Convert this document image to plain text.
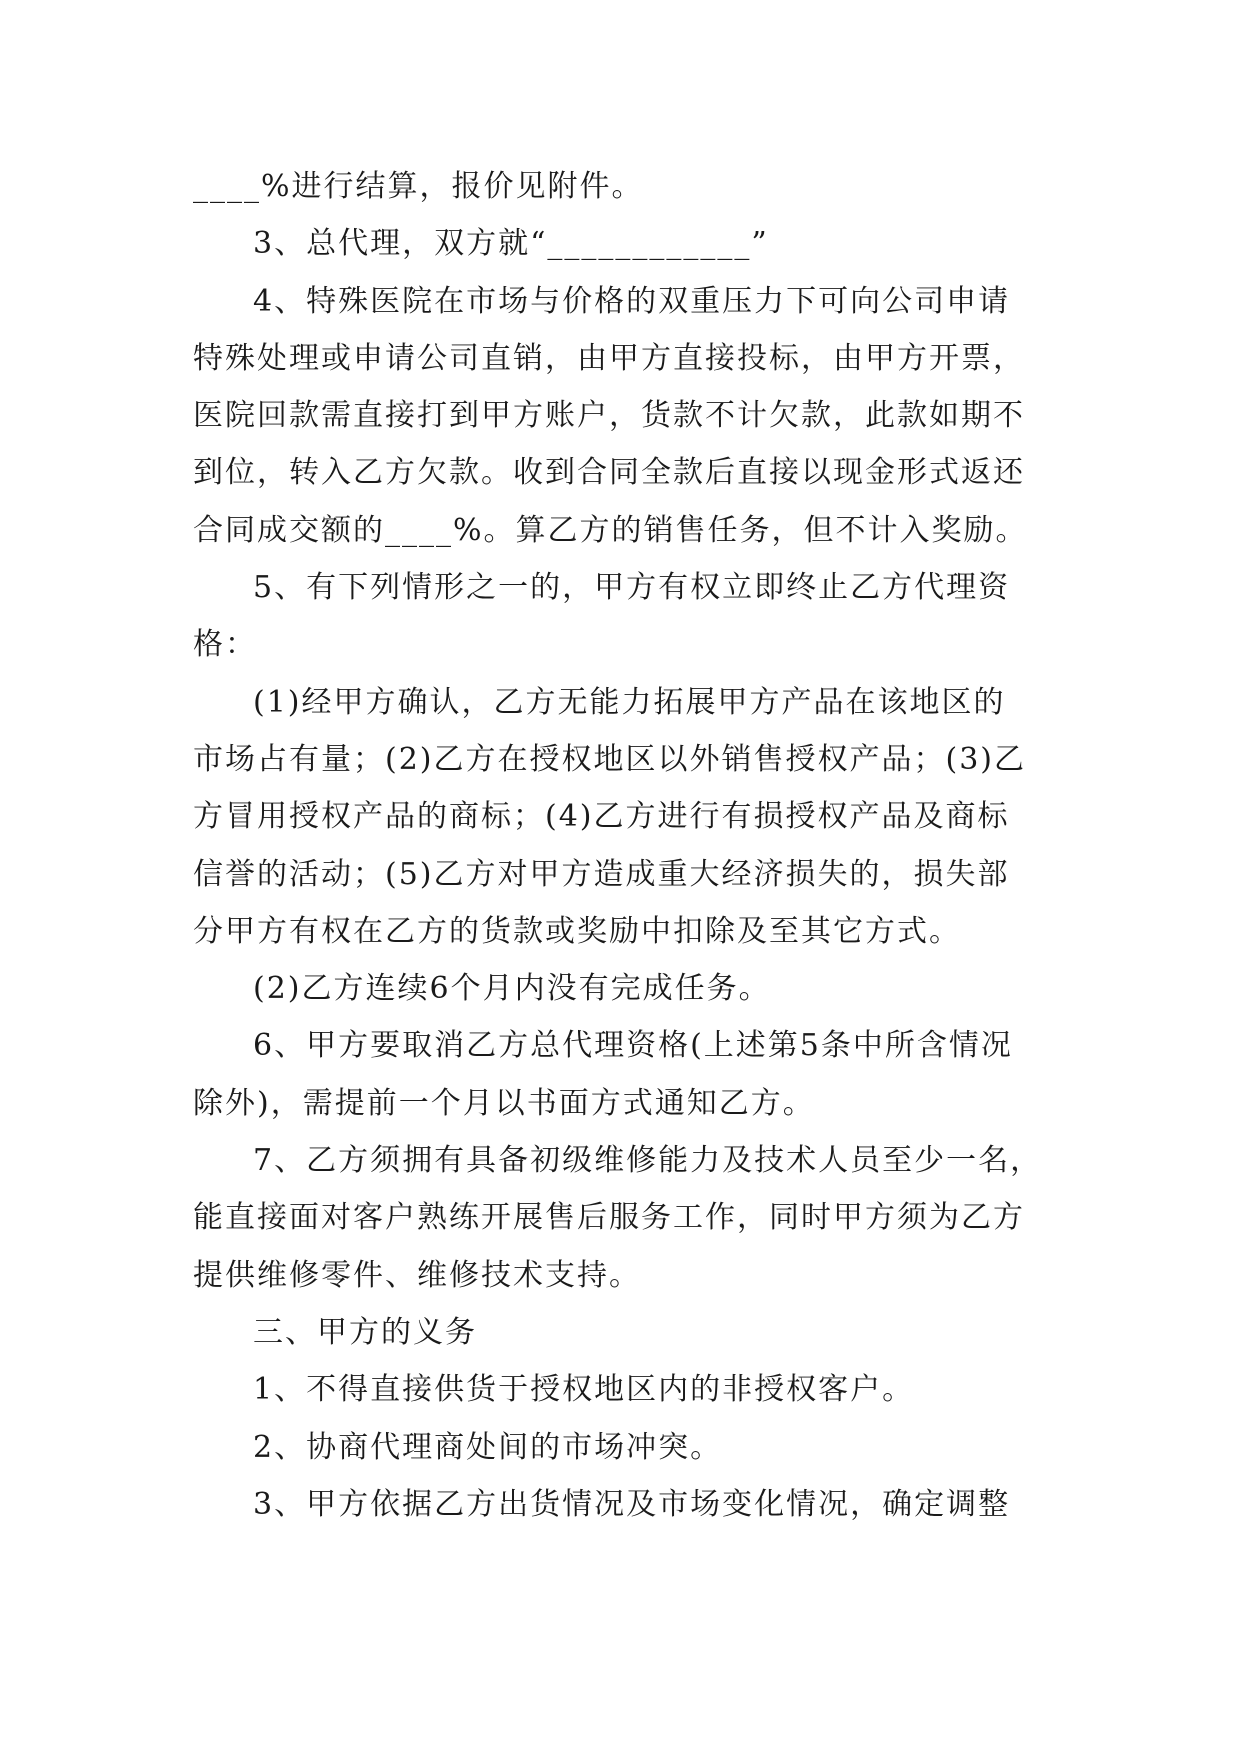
____%进行结算，报价见附件。
3、总代理，双方就“____________”
4、特殊医院在市场与价格的双重压力下可向公司申请
特殊处理或申请公司直销，由甲方直接投标，由甲方开票，
医院回款需直接打到甲方账户，货款不计欠款，此款如期不
到位，转入乙方欠款。收到合同全款后直接以现金形式返还
合同成交额的____%。算乙方的销售任务，但不计入奖励。
5、有下列情形之一的，甲方有权立即终止乙方代理资
格：
(1)经甲方确认，乙方无能力拓展甲方产品在该地区的
市场占有量；(2)乙方在授权地区以外销售授权产品；(3)乙
方冒用授权产品的商标；(4)乙方进行有损授权产品及商标
信誉的活动；(5)乙方对甲方造成重大经济损失的，损失部
分甲方有权在乙方的货款或奖励中扣除及至其它方式。
(2)乙方连续6个月内没有完成任务。
6、甲方要取消乙方总代理资格(上述第5条中所含情况
除外)，需提前一个月以书面方式通知乙方。
7、乙方须拥有具备初级维修能力及技术人员至少一名，
能直接面对客户熟练开展售后服务工作，同时甲方须为乙方
提供维修零件、维修技术支持。
三、甲方的义务
1、不得直接供货于授权地区内的非授权客户。
2、协商代理商处间的市场冲突。
3、甲方依据乙方出货情况及市场变化情况，确定调整
